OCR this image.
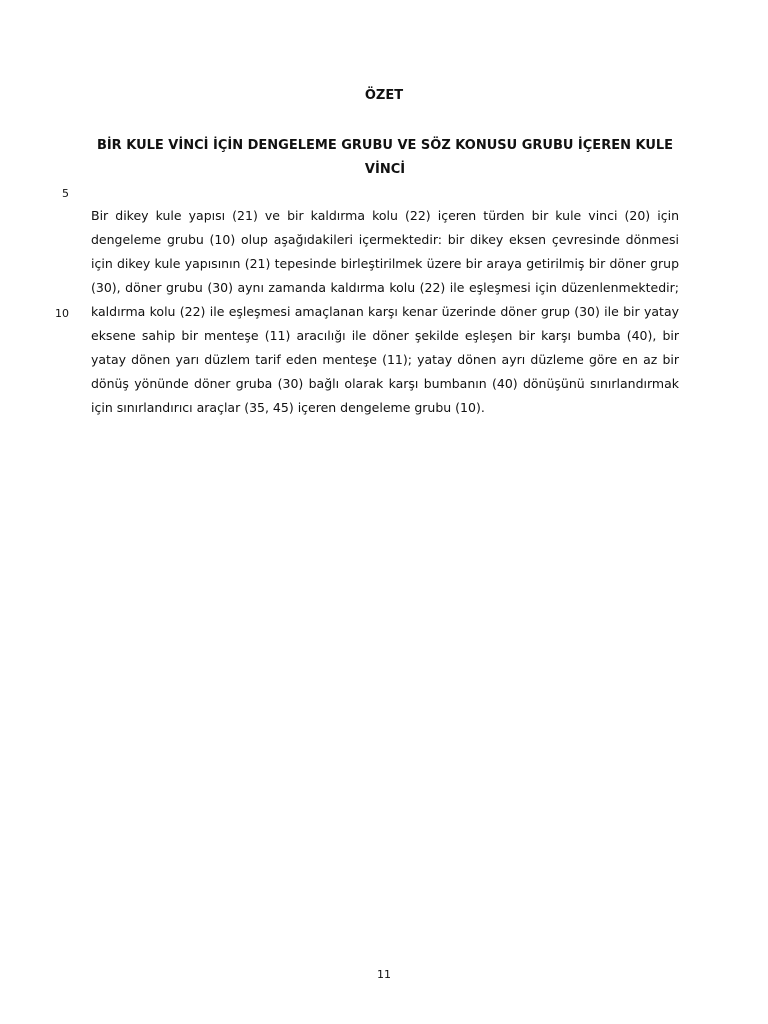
ÖZET
BİR KULE VİNCİ İÇİN DENGELEME GRUBU VE SÖZ KONUSU GRUBU İÇEREN KULE VİNCİ
5
10

Bir dikey kule yapısı (21) ve bir kaldırma kolu (22) içeren türden bir kule vinci (20) için dengeleme grubu (10) olup aşağıdakileri içermektedir: bir dikey eksen çevresinde dönmesi için dikey kule yapısının (21) tepesinde birleştirilmek üzere bir araya getirilmiş bir döner grup (30), döner grubu (30) aynı zamanda kaldırma kolu (22) ile eşleşmesi için düzenlenmektedir; kaldırma kolu (22) ile eşleşmesi amaçlanan karşı kenar üzerinde döner grup (30) ile bir yatay eksene sahip bir menteşe (11) aracılığı ile döner şekilde eşleşen bir karşı bumba (40), bir yatay dönen yarı düzlem tarif eden menteşe (11); yatay dönen ayrı düzleme göre en az bir dönüş yönünde döner gruba (30) bağlı olarak karşı bumbanın (40) dönüşünü sınırlandırmak için sınırlandırıcı araçlar (35, 45) içeren dengeleme grubu (10).

11
